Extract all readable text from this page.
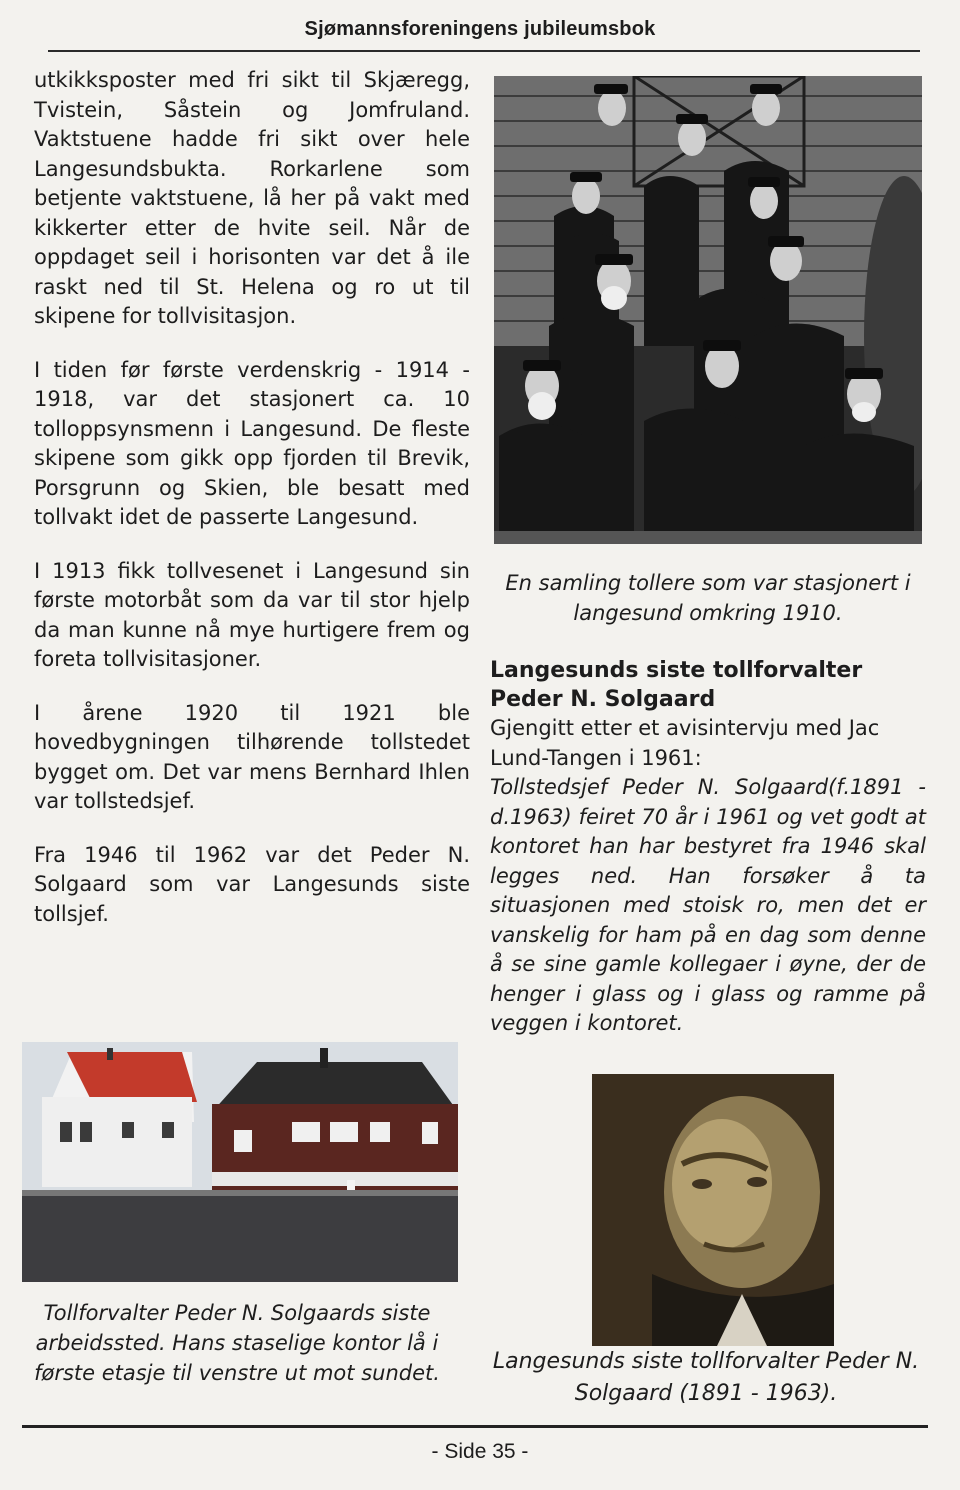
Sjømannsforeningens jubileumsbok

utkikksposter med fri sikt til Skjæregg, Tvistein, Såstein og Jomfruland. Vaktstuene hadde fri sikt over hele Langesundsbukta. Rorkarlene som betjente vaktstuene, lå her på vakt med kikkerter etter de hvite seil. Når de oppdaget seil i horisonten var det å ile raskt ned til St. Helena og ro ut til skipene for tollvisitasjon.

I tiden før første verdenskrig - 1914 - 1918, var det stasjonert ca. 10 tolloppsynsmenn i Langesund. De fleste skipene som gikk opp fjorden til Brevik, Porsgrunn og Skien, ble besatt med tollvakt idet de passerte Langesund.

I 1913 fikk tollvesenet i Langesund sin første motorbåt som da var til stor hjelp da man kunne nå mye hurtigere frem og foreta tollvisitasjoner.

I årene 1920 til 1921 ble hovedbygningen tilhørende tollstedet bygget om. Det var mens Bernhard Ihlen var tollstedsjef.

Fra 1946 til 1962 var det Peder N. Solgaard som var Langesunds siste tollsjef.

En samling tollere som var stasjonert i langesund omkring 1910.
Langesunds siste tollforvalter Peder N. Solgaard

Gjengitt etter et avisintervju med Jac Lund-Tangen i 1961:

Tollstedsjef Peder N. Solgaard(f.1891 - d.1963) feiret 70 år i 1961 og vet godt at kontoret han har bestyret fra 1946 skal legges ned. Han forsøker å ta situasjonen med stoisk ro, men det er vanskelig for ham på en dag som denne å se sine gamle kollegaer i øyne, der de henger i glass og i glass og ramme på veggen i kontoret.

Tollforvalter Peder N. Solgaards siste arbeidssted. Hans staselige kontor lå i første etasje til venstre ut mot sundet.	Langesunds siste tollforvalter Peder N. Solgaard (1891 - 1963).
- Side 35 -
